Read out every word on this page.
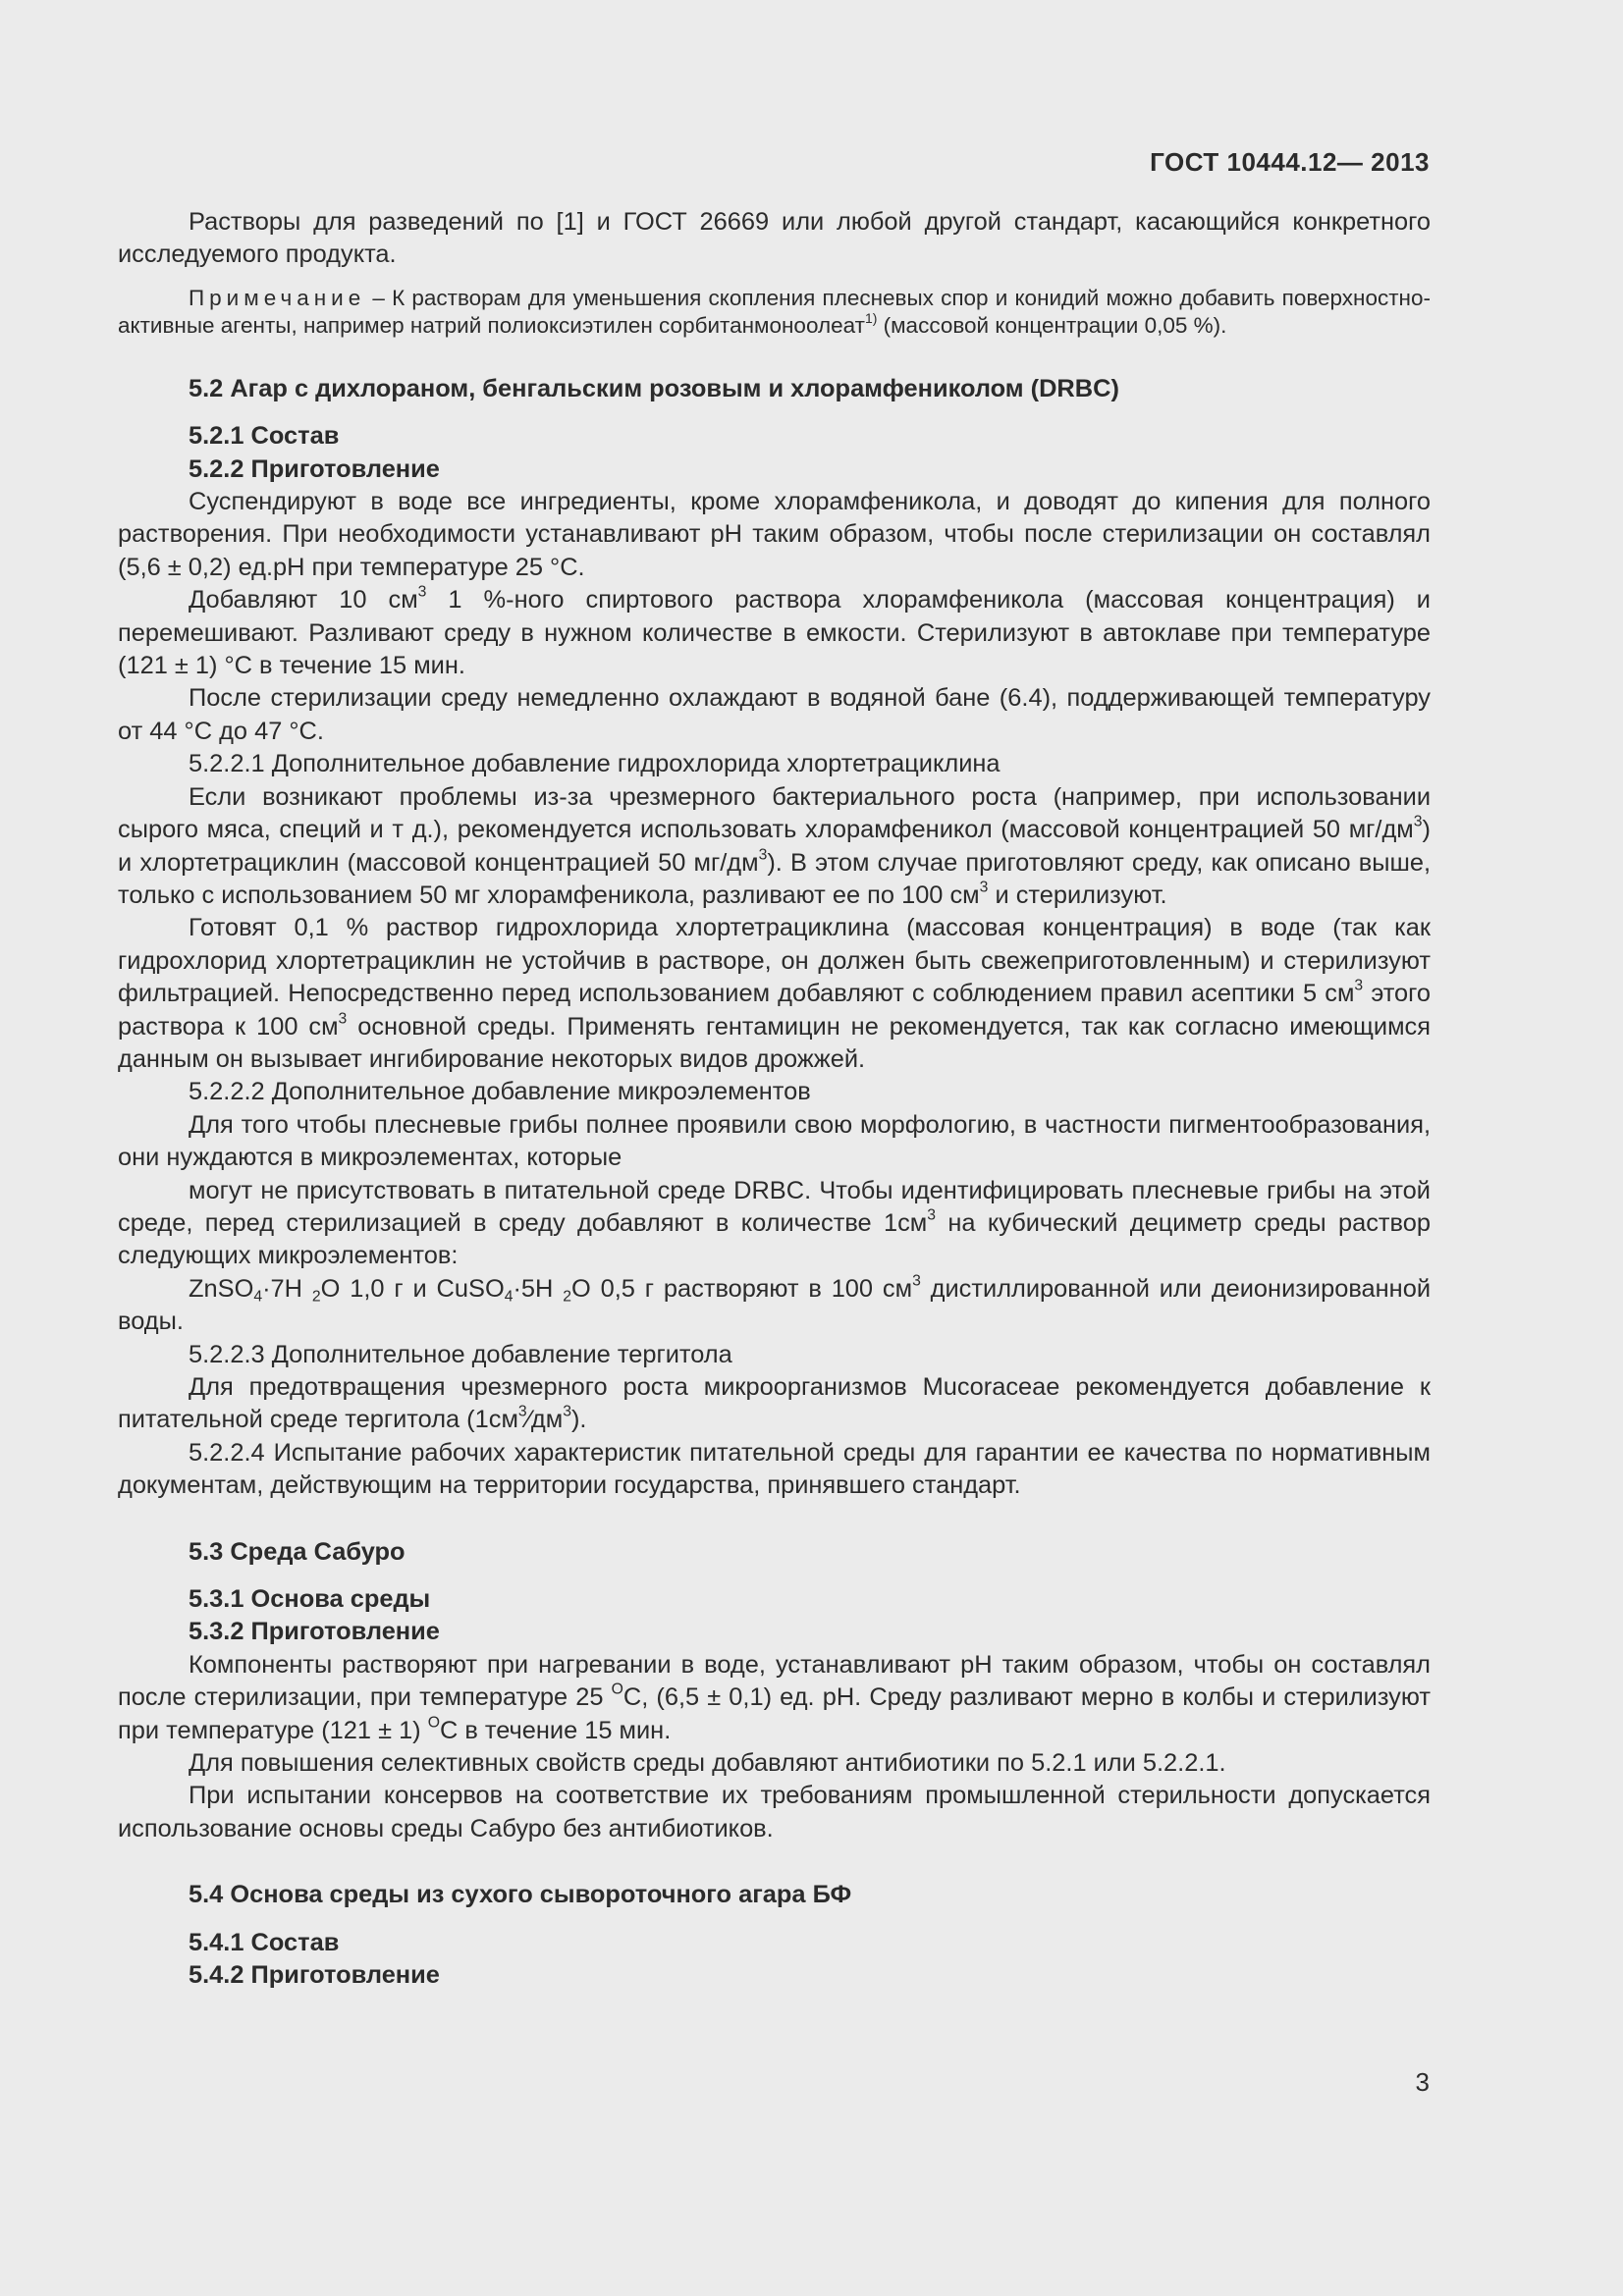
ГОСТ 10444.12— 2013

Растворы для разведений по [1] и ГОСТ 26669 или любой другой стандарт, касающийся конкретного исследуемого продукта.

Примечание – К растворам для уменьшения скопления плесневых спор и конидий можно добавить поверхностно-активные агенты, например натрий полиоксиэтилен сорбитанмоноолеат$^{1)}$ (массовой концентрации 0,05 %).

5.2 Агар с дихлораном, бенгальским розовым и хлорамфениколом (DRBC)
5.2.1 Состав
5.2.2 Приготовление

Суспендируют в воде все ингредиенты, кроме хлорамфеникола, и доводят до кипения для полного растворения. При необходимости устанавливают pH таким образом, чтобы после стерилизации он составлял (5,6 ± 0,2) ед.pH при температуре 25 °С.

Добавляют 10 $см^3$ 1 %-ного спиртового раствора хлорамфеникола (массовая концентрация) и перемешивают. Разливают среду в нужном количестве в емкости. Стерилизуют в автоклаве при температуре (121 ± 1) °С в течение 15 мин.

После стерилизации среду немедленно охлаждают в водяной бане (6.4), поддерживающей температуру от 44 °С до 47 °С.

5.2.2.1 Дополнительное добавление гидрохлорида хлортетрациклина

Если возникают проблемы из-за чрезмерного бактериального роста (например, при использовании сырого мяса, специй и т д.), рекомендуется использовать хлорамфеникол (массовой концентрацией 50 $мг/дм^3$) и хлортетрациклин (массовой концентрацией 50 $мг/дм^3$). В этом случае приготовляют среду, как описано выше, только с использованием 50 мг хлорамфеникола, разливают ее по 100 $см^3$ и стерилизуют.

Готовят 0,1 % раствор гидрохлорида хлортетрациклина (массовая концентрация) в воде (так как гидрохлорид хлортетрациклин не устойчив в растворе, он должен быть свежеприготовленным) и стерилизуют фильтрацией. Непосредственно перед использованием добавляют с соблюдением правил асептики 5 $см^3$ этого раствора к 100 $см^3$ основной среды. Применять гентамицин не рекомендуется, так как согласно имеющимся данным он вызывает ингибирование некоторых видов дрожжей.

5.2.2.2 Дополнительное добавление микроэлементов

Для того чтобы плесневые грибы полнее проявили свою морфологию, в частности пигментообразования, они нуждаются в микроэлементах, которые

могут не присутствовать в питательной среде DRBC. Чтобы идентифицировать плесневые грибы на этой среде, перед стерилизацией в среду добавляют в количестве $1см^3$ на кубический дециметр среды раствор следующих микроэлементов:

ZnSO$_4$·7H $_2$O 1,0 г и CuSO$_4$·5H $_2$O 0,5 г растворяют в 100 $см^3$ дистиллированной или деионизированной воды.

5.2.2.3 Дополнительное добавление тергитола

Для предотвращения чрезмерного роста микроорганизмов Mucoraceae рекомендуется добавление к питательной среде тергитола $(1см^3⁄дм^3)$.

5.2.2.4 Испытание рабочих характеристик питательной среды для гарантии ее качества по нормативным документам, действующим на территории государства, принявшего стандарт.

5.3 Среда Сабуро
5.3.1 Основа среды
5.3.2 Приготовление

Компоненты растворяют при нагревании в воде, устанавливают pH таким образом, чтобы он составлял после стерилизации, при температуре 25 $^O$С, (6,5 ± 0,1) ед. pH. Среду разливают мерно в колбы и стерилизуют при температуре (121 ± 1) $^O$С в течение 15 мин.

Для повышения селективных свойств среды добавляют антибиотики по 5.2.1 или 5.2.2.1.

При испытании консервов на соответствие их требованиям промышленной стерильности допускается использование основы среды Сабуро без антибиотиков.

5.4 Основа среды из сухого сывороточного агара БФ
5.4.1 Состав
5.4.2 Приготовление
3
